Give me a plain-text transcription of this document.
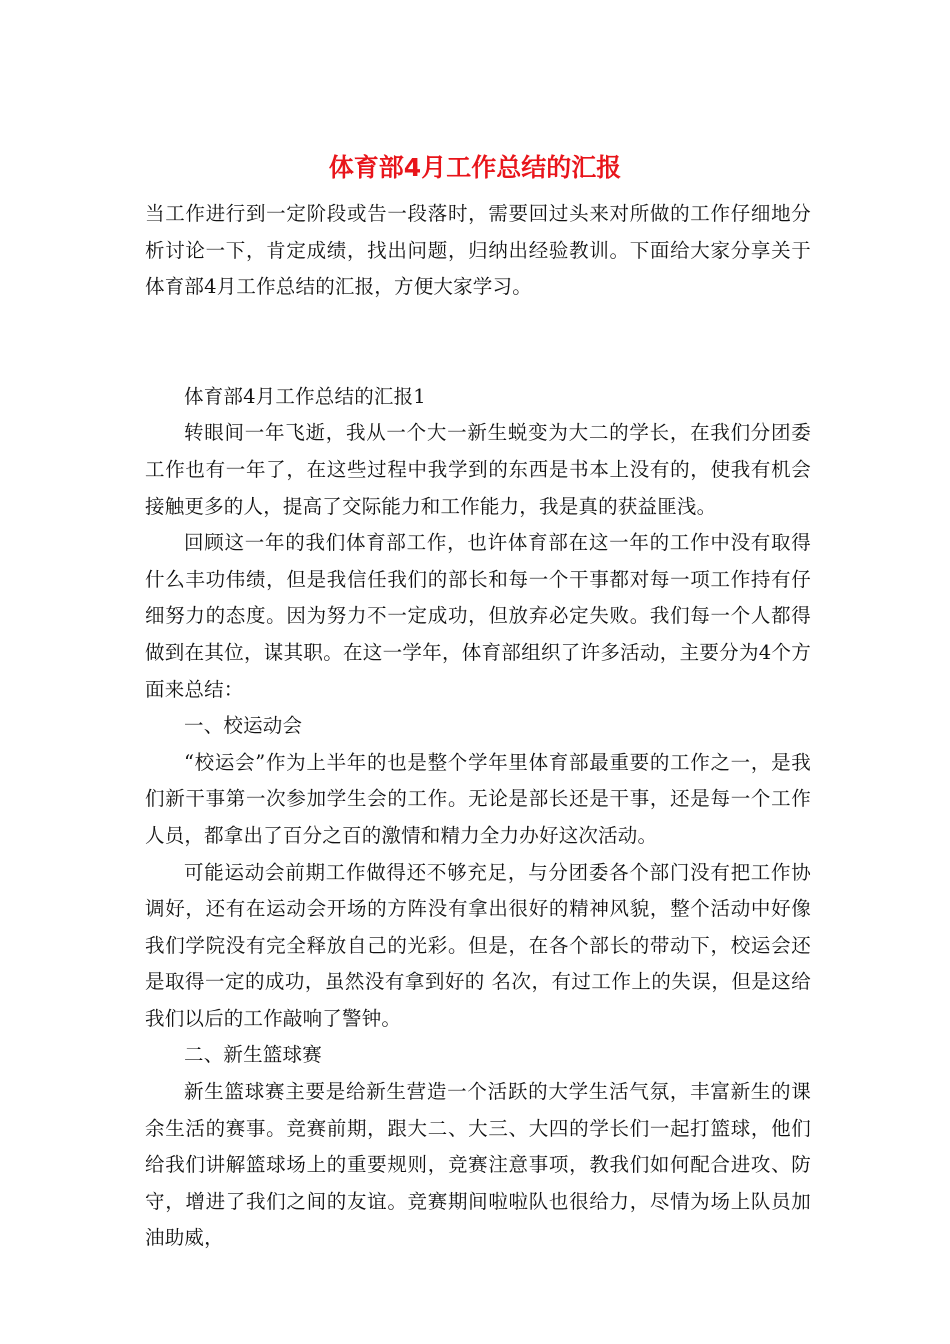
体育部4月工作总结的汇报

当工作进行到一定阶段或告一段落时，需要回过头来对所做的工作仔细地分析讨论一下，肯定成绩，找出问题，归纳出经验教训。下面给大家分享关于体育部4月工作总结的汇报，方便大家学习。

体育部4月工作总结的汇报1

转眼间一年飞逝，我从一个大一新生蜕变为大二的学长，在我们分团委工作也有一年了，在这些过程中我学到的东西是书本上没有的，使我有机会接触更多的人，提高了交际能力和工作能力，我是真的获益匪浅。

回顾这一年的我们体育部工作，也许体育部在这一年的工作中没有取得什么丰功伟绩，但是我信任我们的部长和每一个干事都对每一项工作持有仔细努力的态度。因为努力不一定成功，但放弃必定失败。我们每一个人都得做到在其位，谋其职。在这一学年，体育部组织了许多活动，主要分为4个方面来总结：

一、校运动会

“校运会”作为上半年的也是整个学年里体育部最重要的工作之一，是我们新干事第一次参加学生会的工作。无论是部长还是干事，还是每一个工作人员，都拿出了百分之百的激情和精力全力办好这次活动。

可能运动会前期工作做得还不够充足，与分团委各个部门没有把工作协调好，还有在运动会开场的方阵没有拿出很好的精神风貌，整个活动中好像我们学院没有完全释放自己的光彩。但是，在各个部长的带动下，校运会还是取得一定的成功，虽然没有拿到好的 名次，有过工作上的失误，但是这给我们以后的工作敲响了警钟。

二、新生篮球赛

新生篮球赛主要是给新生营造一个活跃的大学生活气氛，丰富新生的课余生活的赛事。竞赛前期，跟大二、大三、大四的学长们一起打篮球，他们给我们讲解篮球场上的重要规则，竞赛注意事项，教我们如何配合进攻、防守，增进了我们之间的友谊。竞赛期间啦啦队也很给力，尽情为场上队员加油助威，
